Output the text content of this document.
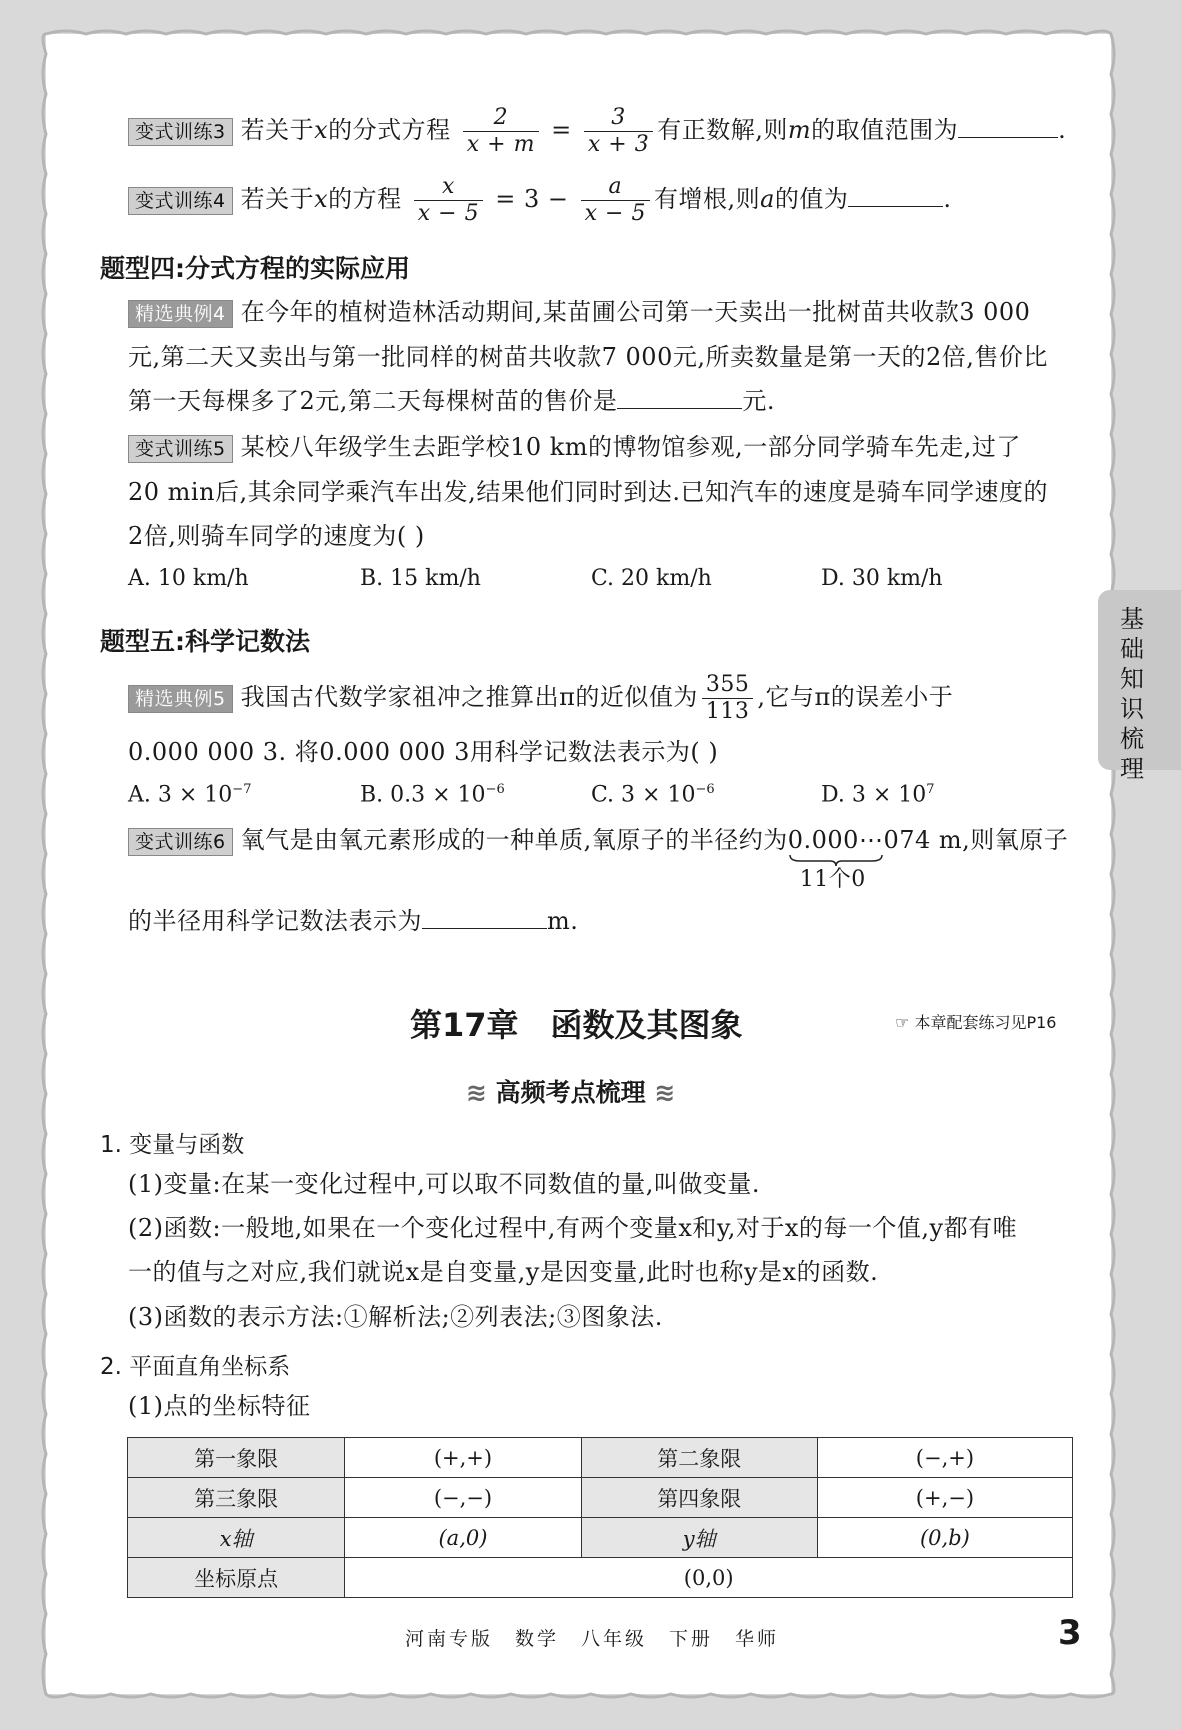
基础知识梳理
变式训练3 若关于x的分式方程 $\frac{2}{x + m} = \frac{3}{x + 3}$ 有正数解,则m的取值范围为	.
变式训练4 若关于x的方程 $\frac{x}{x - 5} = 3 - \frac{a}{x - 5}$ 有增根,则a的值为	.
题型四:分式方程的实际应用
精选典例4 在今年的植树造林活动期间,某苗圃公司第一天卖出一批树苗共收款3 000
元,第二天又卖出与第一批同样的树苗共收款7 000元,所卖数量是第一天的2倍,售价比
第一天每棵多了2元,第二天每棵树苗的售价是	元.
变式训练5 某校八年级学生去距学校10 km的博物馆参观,一部分同学骑车先走,过了
20 min后,其余同学乘汽车出发,结果他们同时到达.已知汽车的速度是骑车同学速度的
2倍,则骑车同学的速度为( )
A. 10 km/h	B. 15 km/h	C. 20 km/h	D. 30 km/h
题型五:科学记数法
精选典例5 我国古代数学家祖冲之推算出π的近似值为 $\frac{355}{113}$ ,它与π的误差小于
0.000 000 3. 将0.000 000 3用科学记数法表示为( )
A. $3 \times 10^{-7}$	B. $0.3 \times 10^{-6}$	C. $3 \times 10^{-6}$	D. $3 \times 10^7$
变式训练6 氧气是由氧元素形成的一种单质,氧原子的半径约为0.000⋯074
11个0
m,则氧原子
的半径用科学记数法表示为	m.
第17章　函数及其图象	☞ 本章配套练习见P16
≋ 高频考点梳理 ≋
1. 变量与函数
(1)变量:在某一变化过程中,可以取不同数值的量,叫做变量.
(2)函数:一般地,如果在一个变化过程中,有两个变量x和y,对于x的每一个值,y都有唯
一的值与之对应,我们就说x是自变量,y是因变量,此时也称y是x的函数.
(3)函数的表示方法:①解析法;②列表法;③图象法.
2. 平面直角坐标系
(1)点的坐标特征
第一象限	(+,+)	第二象限	(−,+)
第三象限	(−,−)	第四象限	(+,−)
x轴	(a,0)	y轴	(0,b)
坐标原点	(0,0)		
河南专版　数学　八年级　下册　华师	3
